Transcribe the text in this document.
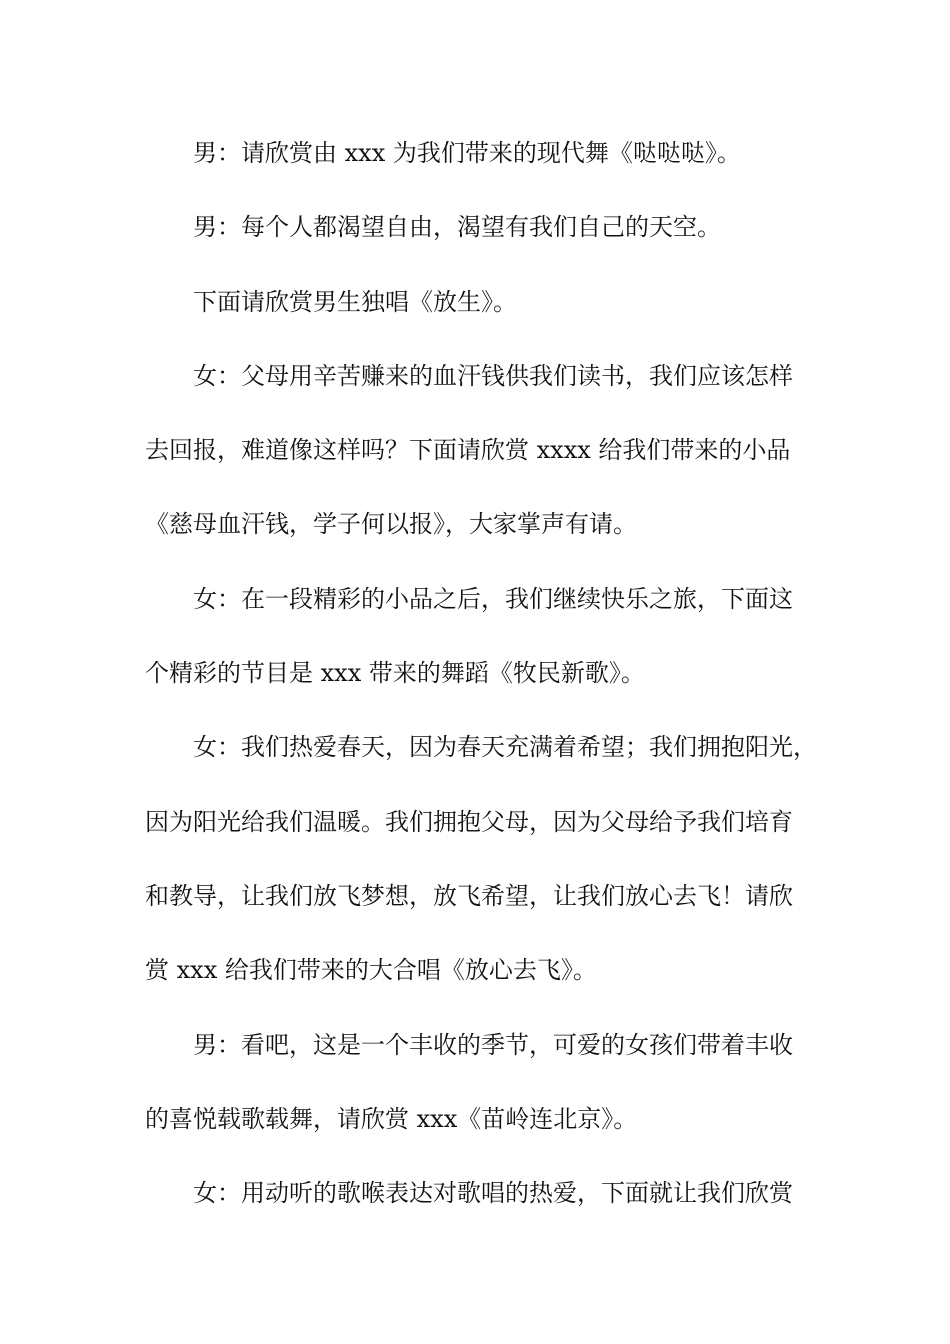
男：请欣赏由 xxx 为我们带来的现代舞《哒哒哒》。
男：每个人都渴望自由，渴望有我们自己的天空。
下面请欣赏男生独唱《放生》。
女：父母用辛苦赚来的血汗钱供我们读书，我们应该怎样
去回报，难道像这样吗？下面请欣赏 xxxx 给我们带来的小品
《慈母血汗钱，学子何以报》，大家掌声有请。
女：在一段精彩的小品之后，我们继续快乐之旅，下面这
个精彩的节目是 xxx 带来的舞蹈《牧民新歌》。
女：我们热爱春天，因为春天充满着希望；我们拥抱阳光，
因为阳光给我们温暖。我们拥抱父母，因为父母给予我们培育
和教导，让我们放飞梦想，放飞希望，让我们放心去飞！请欣
赏 xxx 给我们带来的大合唱《放心去飞》。
男：看吧，这是一个丰收的季节，可爱的女孩们带着丰收
的喜悦载歌载舞，请欣赏 xxx《苗岭连北京》。
女：用动听的歌喉表达对歌唱的热爱，下面就让我们欣赏
